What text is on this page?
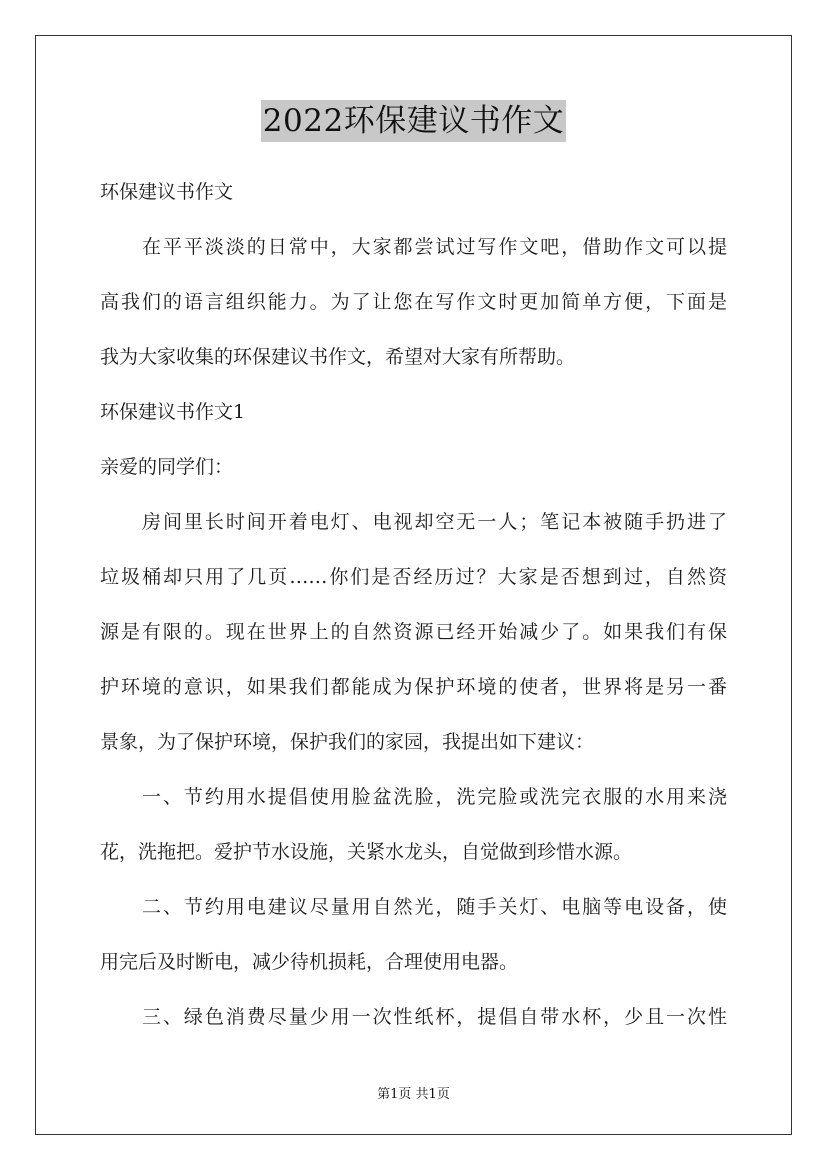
2022环保建议书作文
环保建议书作文
在平平淡淡的日常中，大家都尝试过写作文吧，借助作文可以提
高我们的语言组织能力。为了让您在写作文时更加简单方便，下面是
我为大家收集的环保建议书作文，希望对大家有所帮助。
环保建议书作文1
亲爱的同学们：
房间里长时间开着电灯、电视却空无一人；笔记本被随手扔进了
垃圾桶却只用了几页……你们是否经历过？大家是否想到过，自然资
源是有限的。现在世界上的自然资源已经开始减少了。如果我们有保
护环境的意识，如果我们都能成为保护环境的使者，世界将是另一番
景象，为了保护环境，保护我们的家园，我提出如下建议：
一、节约用水提倡使用脸盆洗脸，洗完脸或洗完衣服的水用来浇
花，洗拖把。爱护节水设施，关紧水龙头，自觉做到珍惜水源。
二、节约用电建议尽量用自然光，随手关灯、电脑等电设备，使
用完后及时断电，减少待机损耗，合理使用电器。
三、绿色消费尽量少用一次性纸杯，提倡自带水杯，少且一次性
第1页 共1页
